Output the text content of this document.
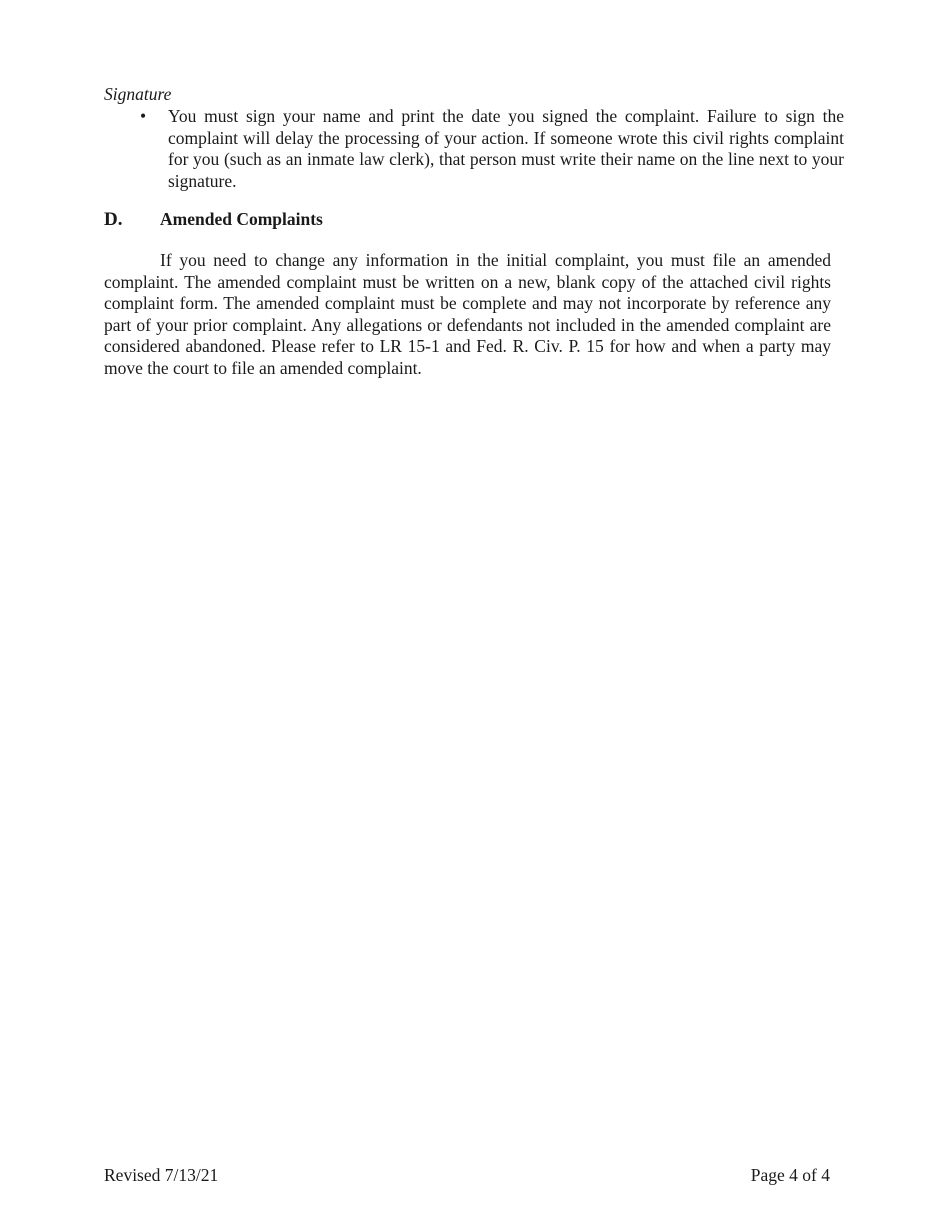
Signature

• You must sign your name and print the date you signed the complaint. Failure to sign the complaint will delay the processing of your action. If someone wrote this civil rights complaint for you (such as an inmate law clerk), that person must write their name on the line next to your signature.
D. Amended Complaints

If you need to change any information in the initial complaint, you must file an amended complaint. The amended complaint must be written on a new, blank copy of the attached civil rights complaint form. The amended complaint must be complete and may not incorporate by reference any part of your prior complaint. Any allegations or defendants not included in the amended complaint are considered abandoned. Please refer to LR 15-1 and Fed. R. Civ. P. 15 for how and when a party may move the court to file an amended complaint.

Revised 7/13/21	Page 4 of 4
